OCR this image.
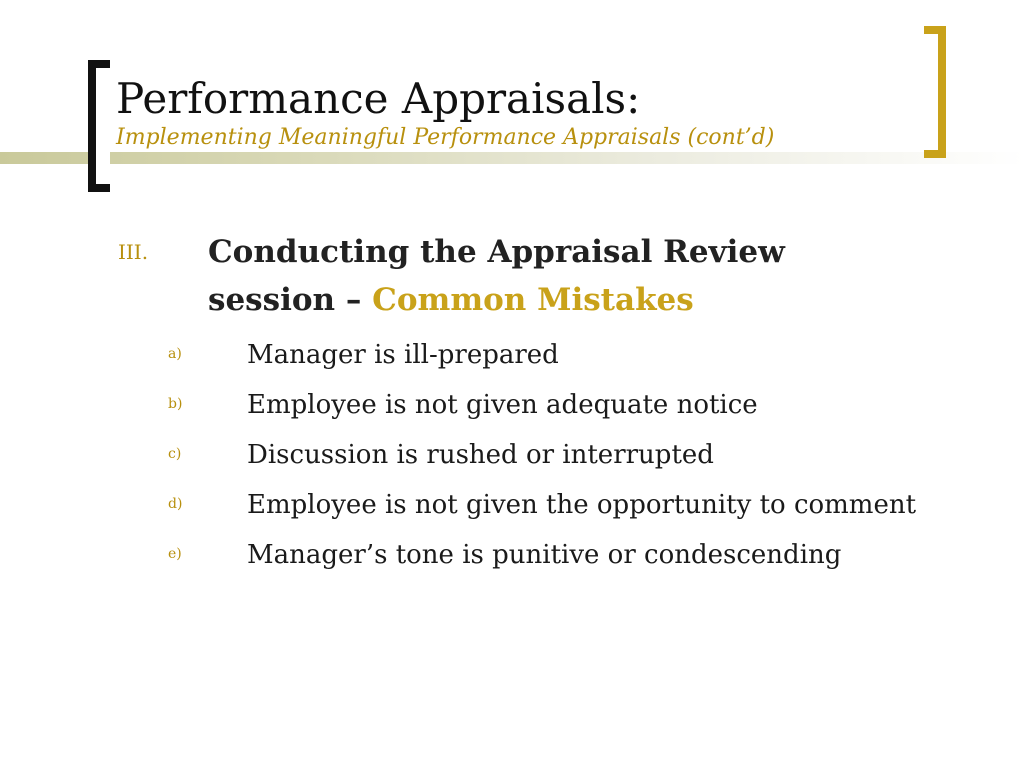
Performance Appraisals:
Implementing Meaningful Performance Appraisals (cont’d)
III. Conducting the Appraisal Review session – Common Mistakes
a)	Manager is ill-prepared
b) Employee is not given adequate notice
c)	Discussion is rushed or interrupted
d) Employee is not given the opportunity to comment
e)	Manager’s tone is punitive or condescending
